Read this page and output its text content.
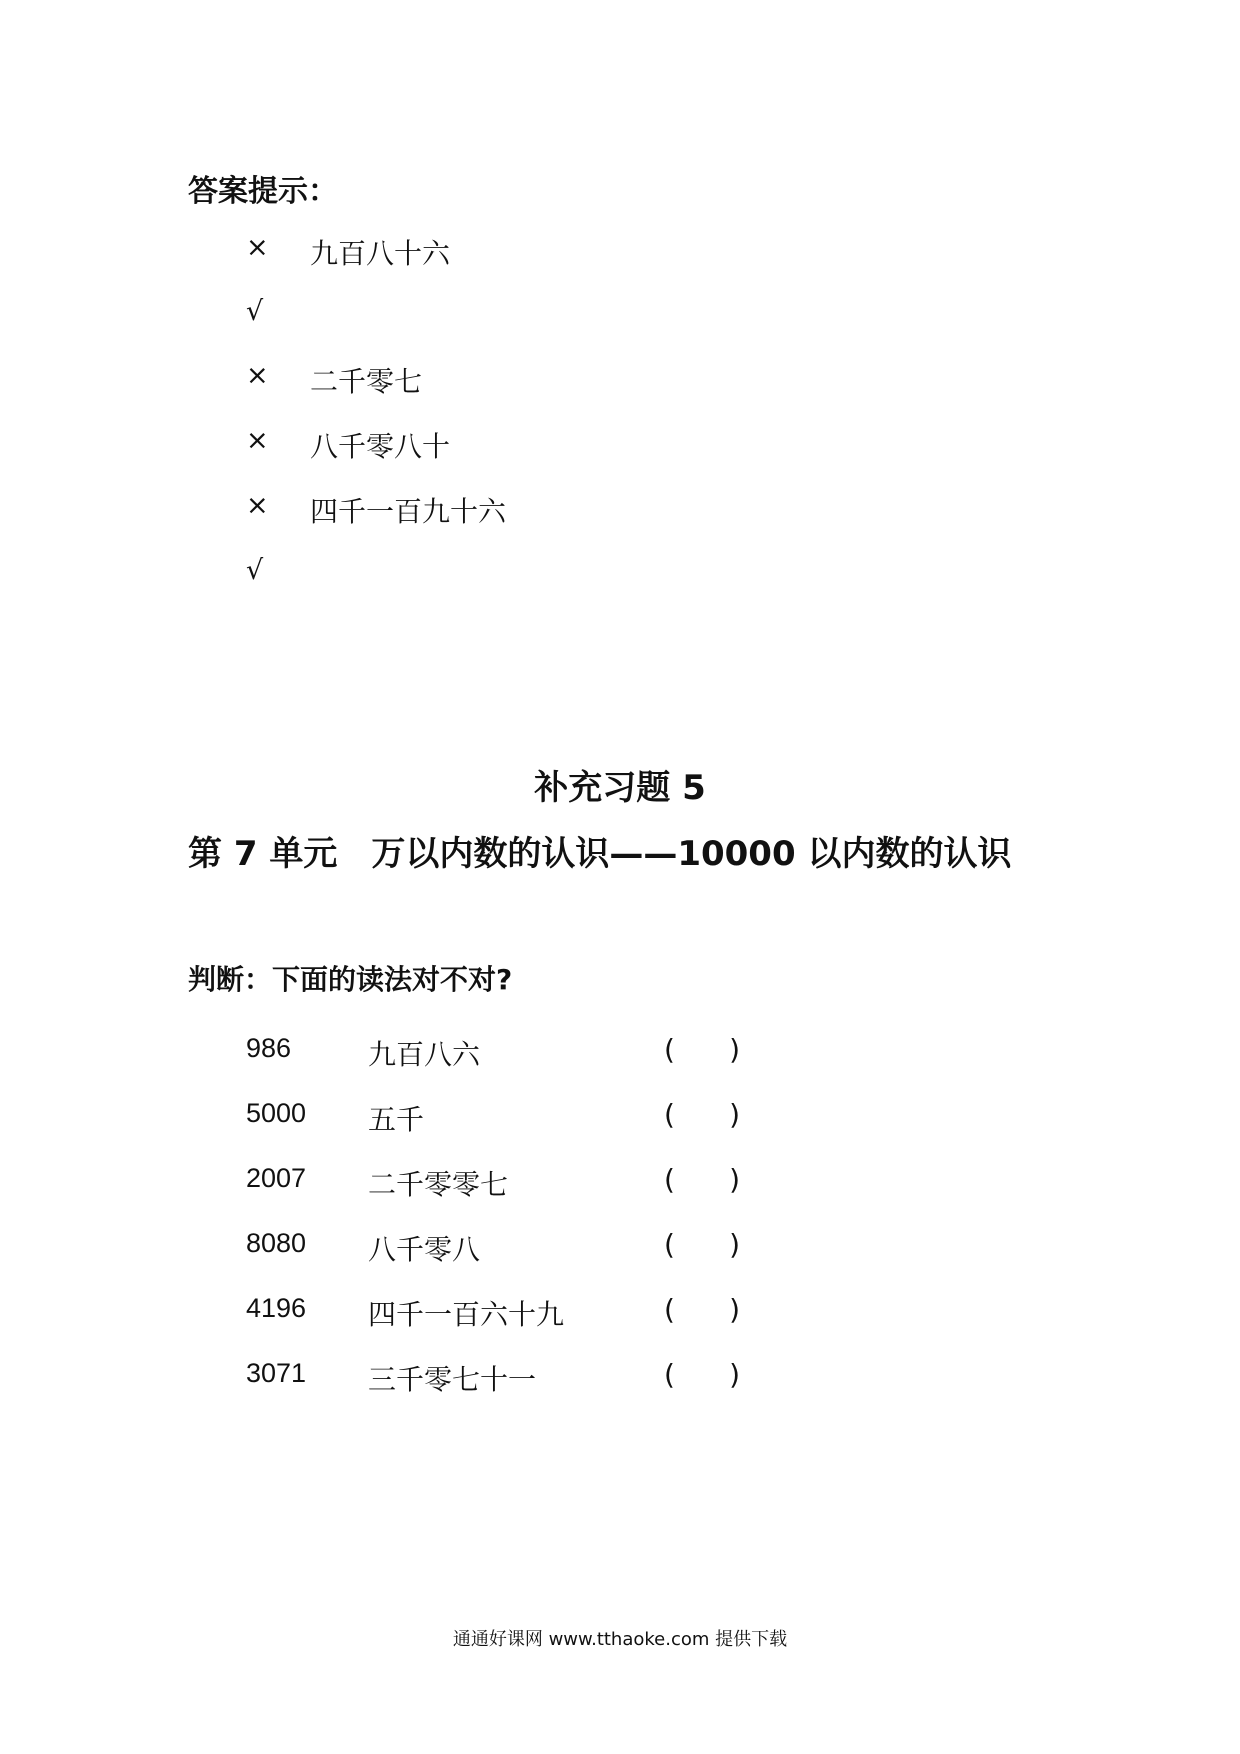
答案提示：
×	九百八十六
√
×	二千零七
×	八千零八十
×	四千一百九十六
√
补充习题 5
第 7 单元　万以内数的认识——10000 以内数的认识
判断：下面的读法对不对?
986	九百八六	( )
5000 五千	( )
2007 二千零零七	( )
8080 八千零八	( )
4196 四千一百六十九	( )
3071 三千零七十一	( )
通通好课网 www.tthaoke.com 提供下载
